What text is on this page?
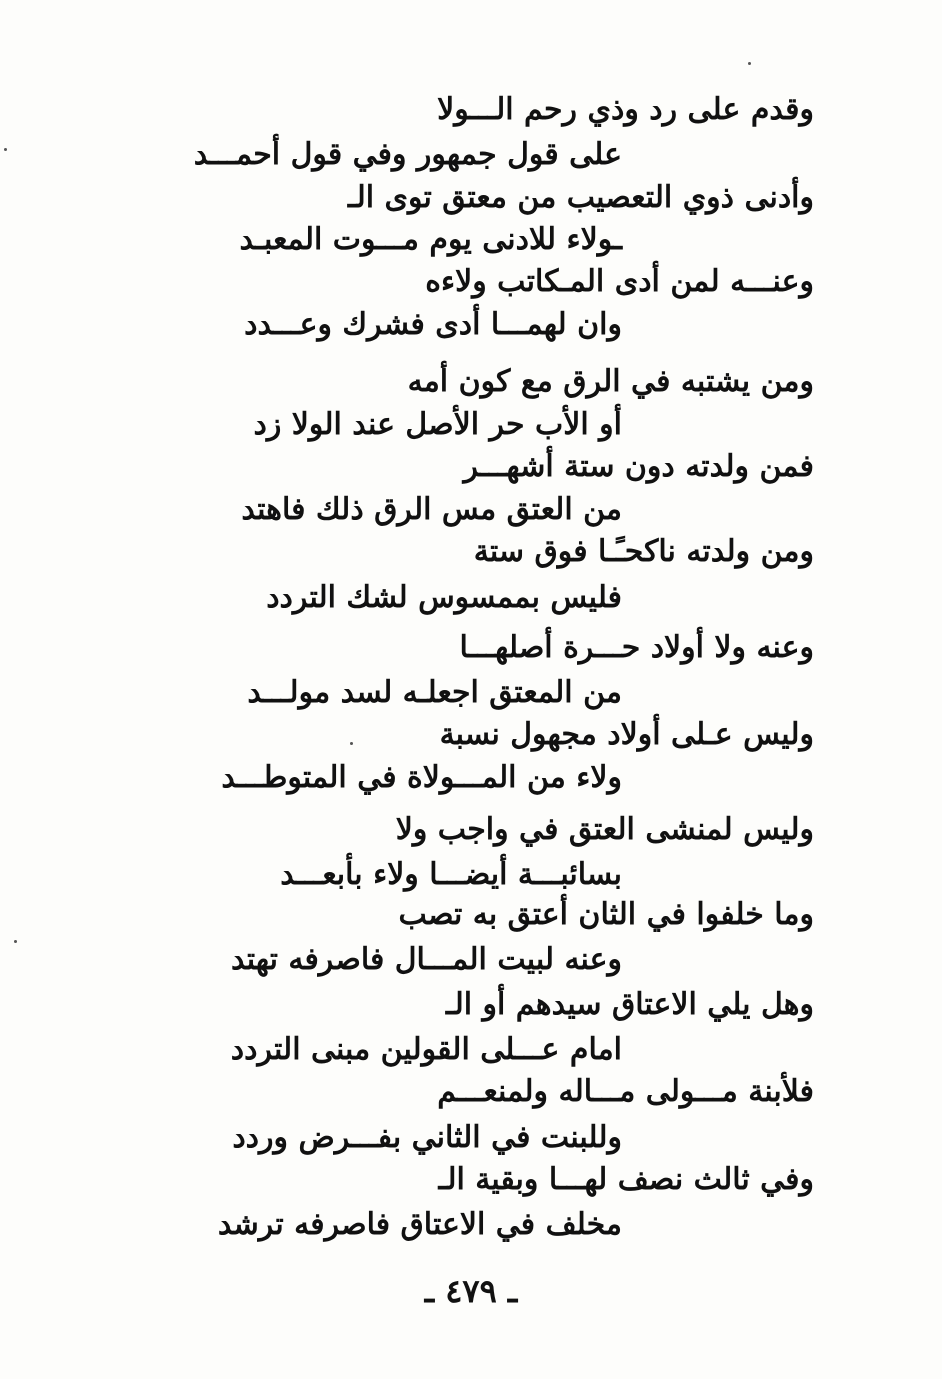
وقدم على رد وذي رحم الـــولا
على قول جمهور وفي قول أحمـــد
وأدنى ذوي التعصيب من معتق توى الـ
ـولاء للادنى يوم مـــوت المعبـد
وعنـــه لمن أدى المـكاتب ولاءه
وان لهمـــا أدى فشرك وعـــدد
ومن يشتبه في الرق مع كون أمه
أو الأب حر الأصل عند الولا زد
فمن ولدته دون ستة أشهـــر
من العتق مس الرق ذلك فاهتد
ومن ولدته ناكحـًـا فوق ستة
فليس بممسوس لشك التردد
وعنه ولا أولاد حـــرة أصلهـــا
من المعتق اجعلـه لسد مولـــد
وليس عـلى أولاد مجهول نسبة
ولاء من المـــولاة في المتوطـــد
وليس لمنشى العتق في واجب ولا
بسائبـــة أيضـــا ولاء بأبعـــد
وما خلفوا في الثان أعتق به تصب
وعنه لبيت المـــال فاصرفه تهتد
وهل يلي الاعتاق سيدهم أو الـ
امام عـــلى القولين مبنى التردد
فلأبنة مـــولى مـــاله ولمنعـــم
وللبنت في الثاني بفـــرض وردد
وفي ثالث نصف لهـــا وبقية الـ
مخلف في الاعتاق فاصرفه ترشد
ـ ٤٧٩ ـ
